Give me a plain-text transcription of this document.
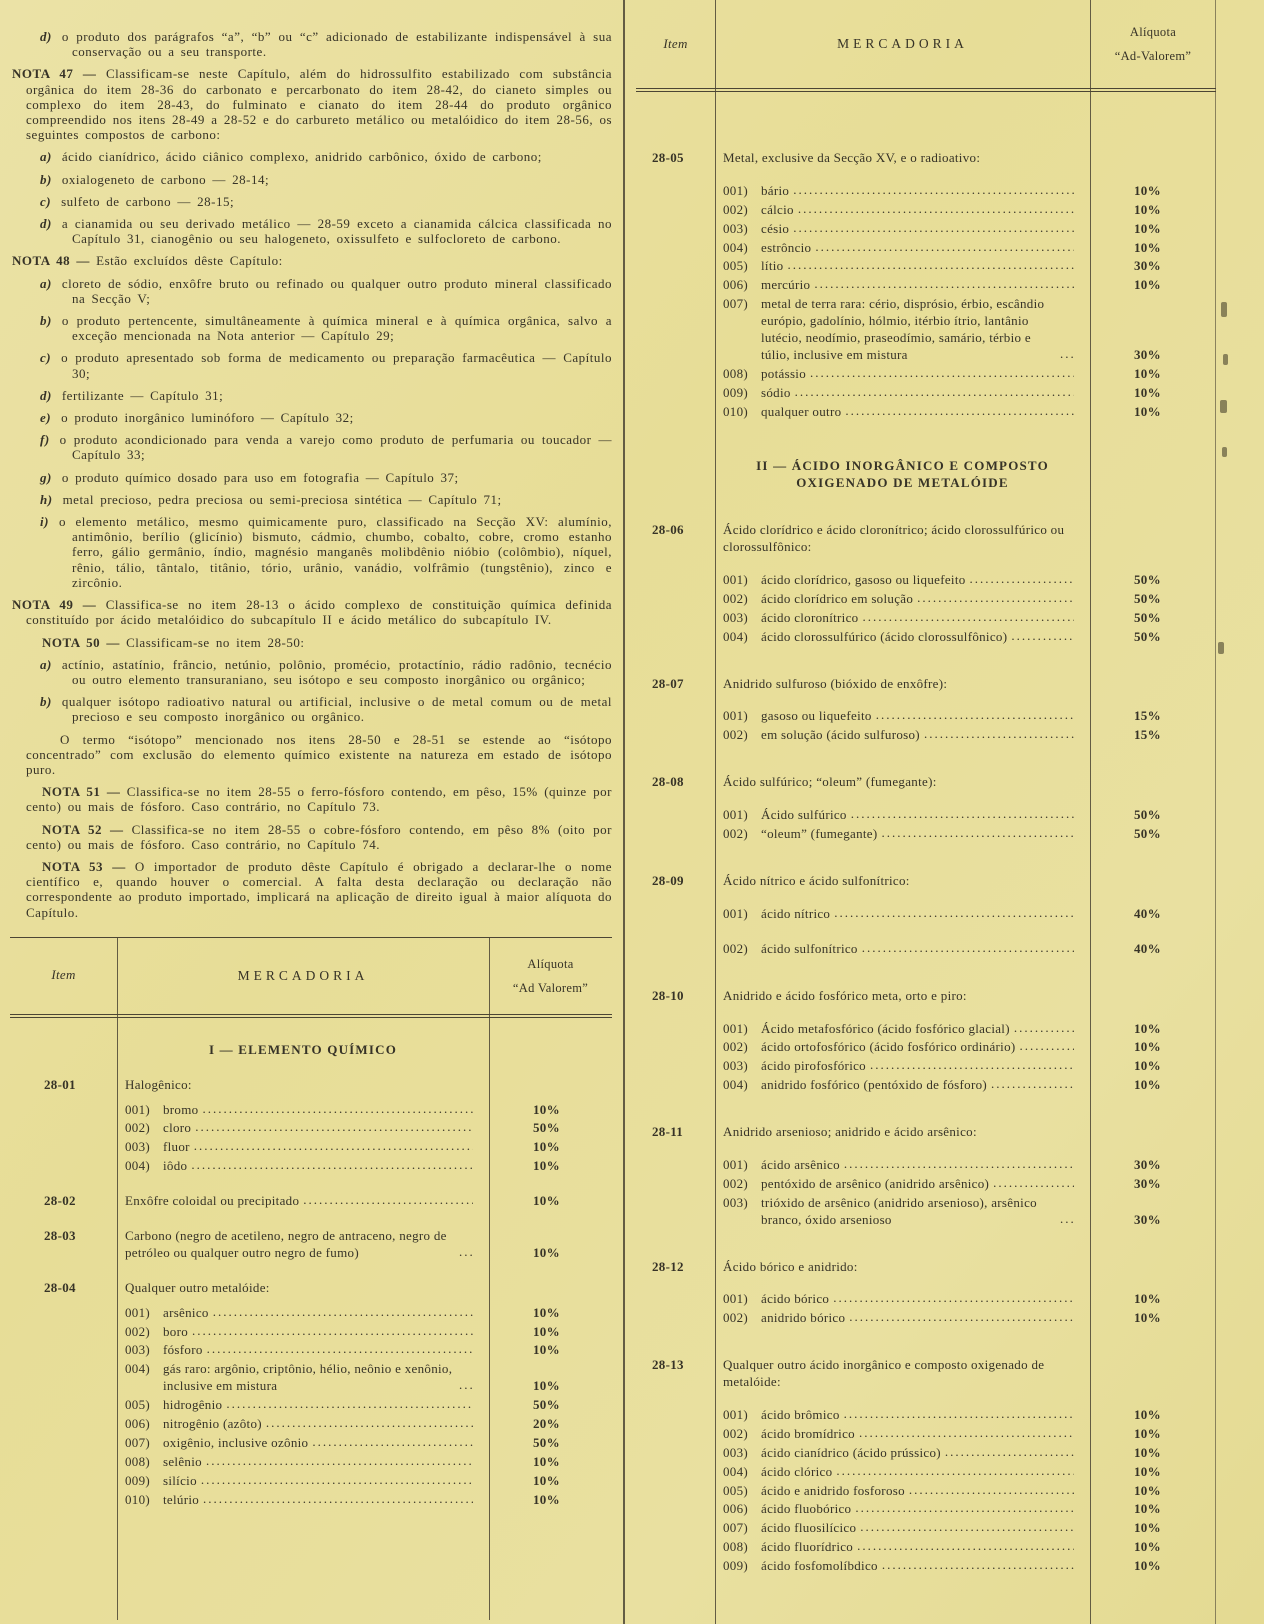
d) o produto dos parágrafos “a”, “b” ou “c” adicionado de estabilizante indispensável à sua conservação ou a seu transporte.
NOTA 47 — Classificam-se neste Capítulo, além do hidrossulfito estabilizado com substância orgânica do item 28-36 do carbonato e percarbonato do item 28-42, do cianeto simples ou complexo do item 28-43, do fulminato e cianato do item 28-44 do produto orgânico compreendido nos itens 28-49 a 28-52 e do carbureto metálico ou metalóidico do item 28-56, os seguintes compostos de carbono:
a) ácido cianídrico, ácido ciânico complexo, anidrido carbônico, óxido de carbono;
b) oxialogeneto de carbono — 28-14;
c) sulfeto de carbono — 28-15;
d) a cianamida ou seu derivado metálico — 28-59 exceto a cianamida cálcica classificada no Capítulo 31, cianogênio ou seu halogeneto, oxissulfeto e sulfocloreto de carbono.
NOTA 48 — Estão excluídos dêste Capítulo:
a) cloreto de sódio, enxôfre bruto ou refinado ou qualquer outro produto mineral classificado na Secção V;
b) o produto pertencente, simultâneamente à química mineral e à química orgânica, salvo a exceção mencionada na Nota anterior — Capítulo 29;
c) o produto apresentado sob forma de medicamento ou preparação farmacêutica — Capítulo 30;
d) fertilizante — Capítulo 31;
e) o produto inorgânico luminóforo — Capítulo 32;
f) o produto acondicionado para venda a varejo como produto de perfumaria ou toucador — Capítulo 33;
g) o produto químico dosado para uso em fotografia — Capítulo 37;
h) metal precioso, pedra preciosa ou semi-preciosa sintética — Capítulo 71;
i) o elemento metálico, mesmo quimicamente puro, classificado na Secção XV: alumínio, antimônio, berílio (glicínio) bismuto, cádmio, chumbo, cobalto, cobre, cromo estanho ferro, gálio germânio, índio, magnésio manganês molibdênio nióbio (colômbio), níquel, rênio, tálio, tântalo, titânio, tório, urânio, vanádio, volfrâmio (tungstênio), zinco e zircônio.
NOTA 49 — Classifica-se no item 28-13 o ácido complexo de constituição química definida constituído por ácido metalóidico do subcapítulo II e ácido metálico do subcapítulo IV.
NOTA 50 — Classificam-se no item 28-50:
a) actínio, astatínio, frâncio, netúnio, polônio, promécio, protactínio, rádio radônio, tecnécio ou outro elemento transuraniano, seu isótopo e seu composto inorgânico ou orgânico;
b) qualquer isótopo radioativo natural ou artificial, inclusive o de metal comum ou de metal precioso e seu composto inorgânico ou orgânico.
O termo “isótopo” mencionado nos itens 28-50 e 28-51 se estende ao “isótopo concentrado” com exclusão do elemento químico existente na natureza em estado de isótopo puro.
NOTA 51 — Classifica-se no item 28-55 o ferro-fósforo contendo, em pêso, 15% (quinze por cento) ou mais de fósforo. Caso contrário, no Capítulo 73.
NOTA 52 — Classifica-se no item 28-55 o cobre-fósforo contendo, em pêso 8% (oito por cento) ou mais de fósforo. Caso contrário, no Capítulo 74.
NOTA 53 — O importador de produto dêste Capítulo é obrigado a declarar-lhe o nome científico e, quando houver o comercial. A falta desta declaração ou declaração não correspondente ao produto importado, implicará na aplicação de direito igual à maior alíquota do Capítulo.
Item	MERCADORIA
Alíquota
“Ad Valorem”
I — ELEMENTO QUÍMICO
28-01	Halogênico:
001) bromo .....	10%
002) cloro .....	50%
003) fluor .....	10%
004) iôdo .....	10%
28-02	Enxôfre coloidal ou precipitado .....	10%
28-03	Carbono (negro de acetileno, negro de antraceno, negro de petróleo ou qualquer outro negro de fumo) .....	10%
28-04	Qualquer outro metalóide:
001) arsênico .....	10%
002) boro .....	10%
003) fósforo .....	10%
004) gás raro: argônio, criptônio, hélio, neônio e xenônio, inclusive em mistura .....	10%
005) hidrogênio .....	50%
006) nitrogênio (azôto) .....	20%
007) oxigênio, inclusive ozônio .....	50%
008) selênio .....	10%
009) silício .....	10%
010) telúrio .....	10%
Item	MERCADORIA
Alíquota
“Ad-Valorem”
28-05	Metal, exclusive da Secção XV, e o radioativo:
001) bário .....	10%
002) cálcio .....	10%
003) césio .....	10%
004) estrôncio .....	10%
005) lítio .....	30%
006) mercúrio .....	10%
007) metal de terra rara: cério, disprósio, érbio, escândio európio, gadolínio, hólmio, itérbio ítrio, lantânio lutécio, neodímio, praseodímio, samário, térbio e túlio, inclusive em mistura .....	30%
008) potássio .....	10%
009) sódio .....	10%
010) qualquer outro .....	10%
II — ÁCIDO INORGÂNICO E COMPOSTO OXIGENADO DE METALÓIDE
28-06	Ácido clorídrico e ácido cloronítrico; ácido clorossulfúrico ou clorossulfônico:
001) ácido clorídrico, gasoso ou liquefeito .....	50%
002) ácido clorídrico em solução .....	50%
003) ácido cloronítrico .....	50%
004) ácido clorossulfúrico (ácido clorossulfônico) .....	50%
28-07	Anidrido sulfuroso (bióxido de enxôfre):
001) gasoso ou liquefeito .....	15%
002) em solução (ácido sulfuroso) .....	15%
28-08	Ácido sulfúrico; “oleum” (fumegante):
001) Ácido sulfúrico .....	50%
002) “oleum” (fumegante) .....	50%
28-09	Ácido nítrico e ácido sulfonítrico:
001) ácido nítrico .....	40%
002) ácido sulfonítrico .....	40%
28-10	Anidrido e ácido fosfórico meta, orto e piro:
001) Ácido metafosfórico (ácido fosfórico glacial) .....	10%
002) ácido ortofosfórico (ácido fosfórico ordinário) .....	10%
003) ácido pirofosfórico .....	10%
004) anidrido fosfórico (pentóxido de fósforo) .....	10%
28-11	Anidrido arsenioso; anidrido e ácido arsênico:
001) ácido arsênico .....	30%
002) pentóxido de arsênico (anidrido arsênico) .....	30%
003) trióxido de arsênico (anidrido arsenioso), arsênico branco, óxido arsenioso .....	30%
28-12	Ácido bórico e anidrido:
001) ácido bórico .....	10%
002) anidrido bórico .....	10%
28-13	Qualquer outro ácido inorgânico e composto oxigenado de metalóide:
001) ácido brômico .....	10%
002) ácido bromídrico .....	10%
003) ácido cianídrico (ácido prússico) .....	10%
004) ácido clórico .....	10%
005) ácido e anidrido fosforoso .....	10%
006) ácido fluobórico .....	10%
007) ácido fluosilícico .....	10%
008) ácido fluorídrico .....	10%
009) ácido fosfomolíbdico .....	10%
